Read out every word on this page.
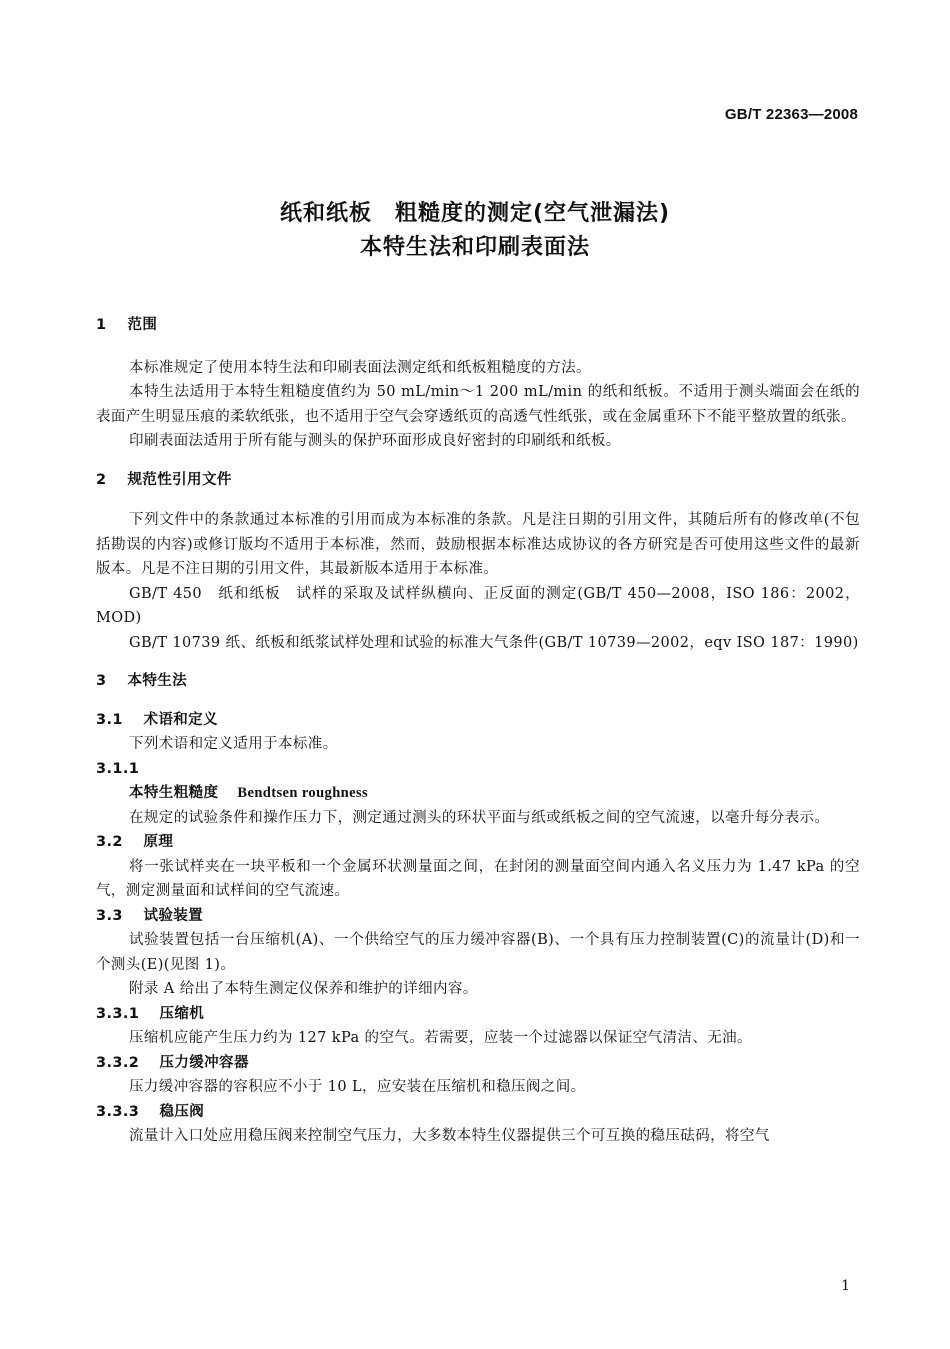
GB/T 22363—2008
纸和纸板　粗糙度的测定(空气泄漏法)
本特生法和印刷表面法
1 范围

本标准规定了使用本特生法和印刷表面法测定纸和纸板粗糙度的方法。

本特生法适用于本特生粗糙度值约为 50 mL/min～1 200 mL/min 的纸和纸板。不适用于测头端面会在纸的表面产生明显压痕的柔软纸张，也不适用于空气会穿透纸页的高透气性纸张，或在金属重环下不能平整放置的纸张。

印刷表面法适用于所有能与测头的保护环面形成良好密封的印刷纸和纸板。

2 规范性引用文件

下列文件中的条款通过本标准的引用而成为本标准的条款。凡是注日期的引用文件，其随后所有的修改单(不包括勘误的内容)或修订版均不适用于本标准，然而，鼓励根据本标准达成协议的各方研究是否可使用这些文件的最新版本。凡是不注日期的引用文件，其最新版本适用于本标准。

GB/T 450　纸和纸板　试样的采取及试样纵横向、正反面的测定(GB/T 450—2008，ISO 186：2002，MOD)

GB/T 10739 纸、纸板和纸浆试样处理和试验的标准大气条件(GB/T 10739—2002，eqv ISO 187：1990)

3 本特生法
3.1 术语和定义

下列术语和定义适用于本标准。

3.1.1
本特生粗糙度 Bendtsen roughness

在规定的试验条件和操作压力下，测定通过测头的环状平面与纸或纸板之间的空气流速，以毫升每分表示。

3.2 原理

将一张试样夹在一块平板和一个金属环状测量面之间，在封闭的测量面空间内通入名义压力为 1.47 kPa 的空气，测定测量面和试样间的空气流速。

3.3 试验装置

试验装置包括一台压缩机(A)、一个供给空气的压力缓冲容器(B)、一个具有压力控制装置(C)的流量计(D)和一个测头(E)(见图 1)。

附录 A 给出了本特生测定仪保养和维护的详细内容。

3.3.1 压缩机

压缩机应能产生压力约为 127 kPa 的空气。若需要，应装一个过滤器以保证空气清洁、无油。

3.3.2 压力缓冲容器

压力缓冲容器的容积应不小于 10 L，应安装在压缩机和稳压阀之间。

3.3.3 稳压阀

流量计入口处应用稳压阀来控制空气压力，大多数本特生仪器提供三个可互换的稳压砝码，将空气

1
